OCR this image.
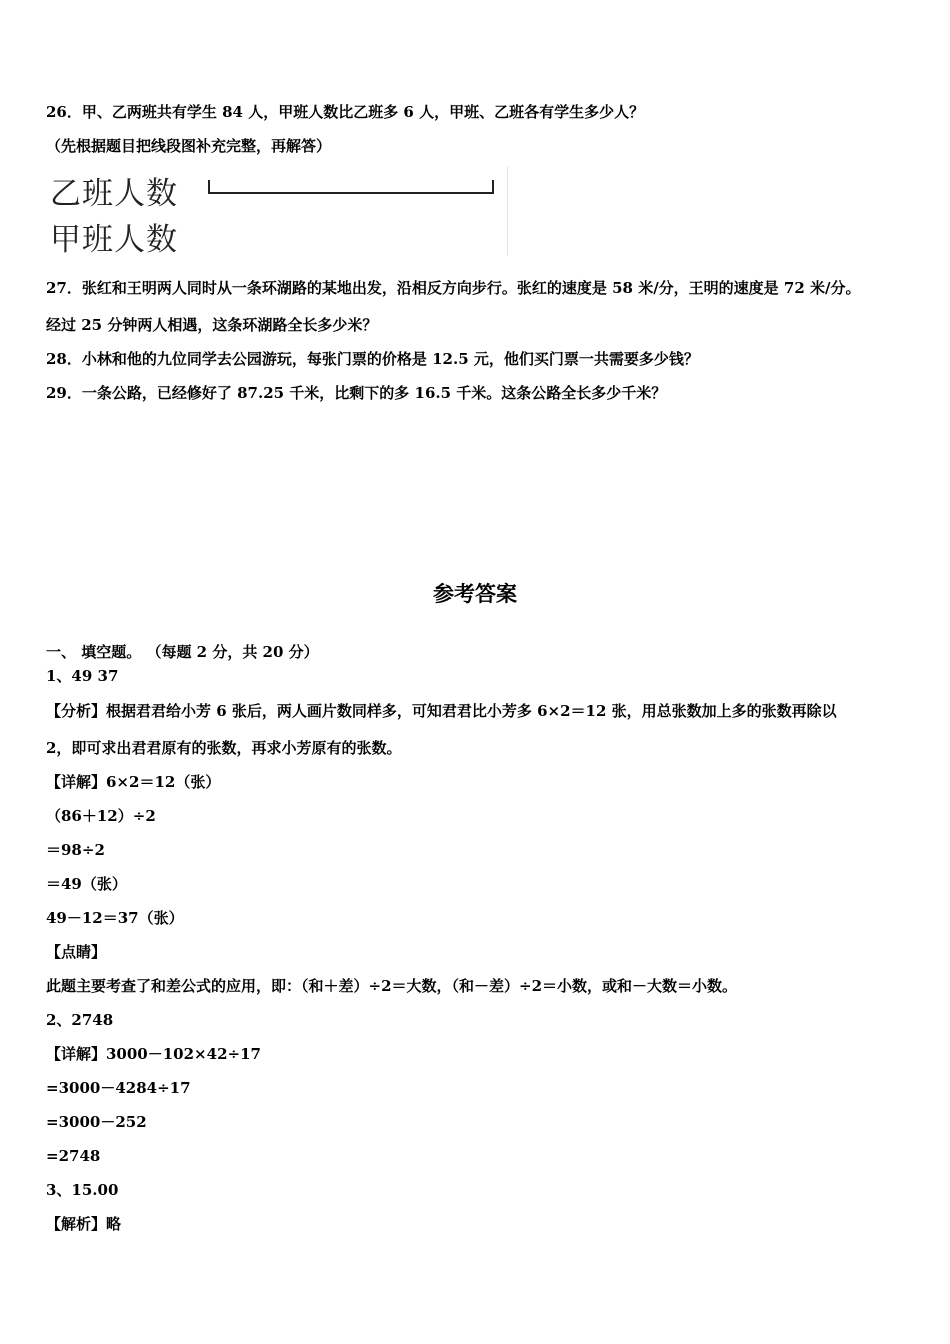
26．甲、乙两班共有学生 84 人，甲班人数比乙班多 6 人，甲班、乙班各有学生多少人？
（先根据题目把线段图补充完整，再解答）
乙班人数
甲班人数
27．张红和王明两人同时从一条环湖路的某地出发，沿相反方向步行。张红的速度是 58 米/分，王明的速度是 72 米/分。
经过 25 分钟两人相遇，这条环湖路全长多少米？
28．小林和他的九位同学去公园游玩，每张门票的价格是 12.5 元，他们买门票一共需要多少钱？
29．一条公路，已经修好了 87.25 千米，比剩下的多 16.5 千米。这条公路全长多少千米？
参考答案
一、 填空题。 （每题 2 分，共 20 分）
1、49 37
【分析】根据君君给小芳 6 张后，两人画片数同样多，可知君君比小芳多 6×2＝12 张，用总张数加上多的张数再除以
2，即可求出君君原有的张数，再求小芳原有的张数。
【详解】6×2＝12（张）
（86＋12）÷2
＝98÷2
＝49（张）
49－12＝37（张）
【点睛】
此题主要考查了和差公式的应用，即：（和＋差）÷2＝大数，（和－差）÷2＝小数，或和－大数＝小数。
2、2748
【详解】3000－102×42÷17
=3000－4284÷17
=3000－252
=2748
3、15.00
【解析】略
